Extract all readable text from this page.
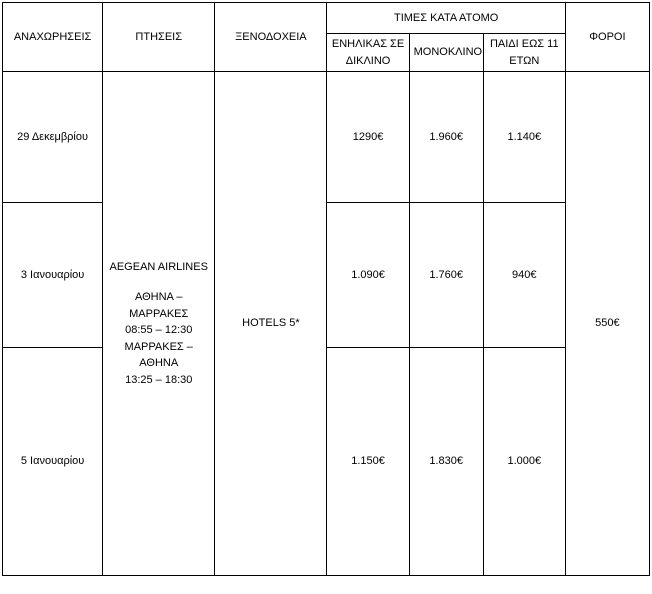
ΑΝΑΧΩΡΗΣΕΙΣ	ΠΤΗΣΕΙΣ	ΞΕΝΟΔΟΧΕΙΑ	ΤΙΜΕΣ ΚΑΤΑ ΑΤΟΜΟ			ΦΟΡΟΙ
			ΕΝΗΛΙΚΑΣ ΣΕ ΔΙΚΛΙΝΟ	ΜΟΝΟΚΛΙΝΟ	ΠΑΙΔΙ ΕΩΣ 11 ΕΤΩΝ	
29 Δεκεμβρίου	AEGEAN AIRLINES
ΑΘΗΝΑ – ΜΑΡΡΑΚΕΣ
08:55 – 12:30
ΜΑΡΡΑΚΕΣ – ΑΘΗΝΑ
13:25 – 18:30	HOTELS 5*	1290€	1.960€	1.140€	550€
3 Ιανουαρίου			1.090€	1.760€	940€	
5 Ιανουαρίου			1.150€	1.830€	1.000€	
